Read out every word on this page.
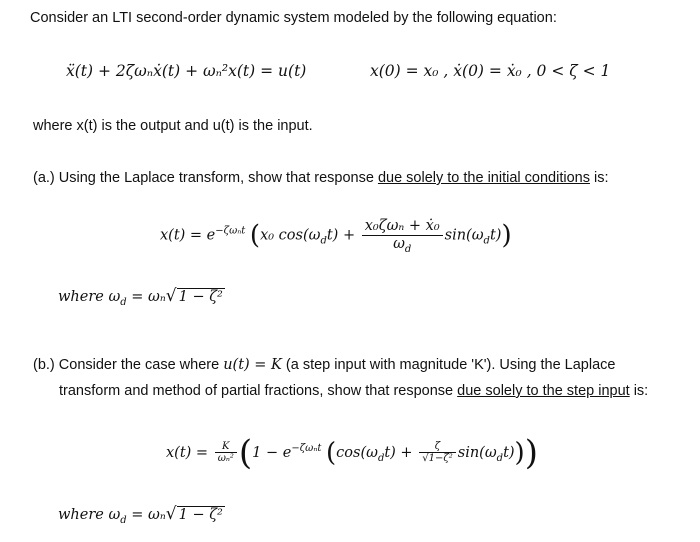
Consider an LTI second-order dynamic system modeled by the following equation:
ẍ(t) + 2ζωₙẋ(t) + ωₙ²x(t) = u(t)	x(0) = x₀ , ẋ(0) = ẋ₀ , 0 < ζ < 1
where x(t) is the output and u(t) is the input.
(a.) Using the Laplace transform, show that response due solely to the initial conditions is:
$x(t) = e^{-\zeta\omega_nt}$ (x₀ $\cos(\omega_dt) + \frac{\text{x₀ζωₙ + ẋ₀}}{\omega_d} \sin(\omega_dt)$)
where $\omega_d = \omega_n√$ 1 − ζ²
(b.) Consider the case where u(t) = K (a step input with magnitude 'K'). Using the Laplace
transform and method of partial fractions, show that response due solely to the step input is:
$x(t) = \frac{K}{\text{ωₙ²}} (1 - e^{-\zeta\omega_nt}$ $(\cos(\omega_dt) + \frac{\zeta}{\text{√1−ζ²}} \sin(\omega_dt))$)
where $\omega_d = \omega_n√$ 1 − ζ²
